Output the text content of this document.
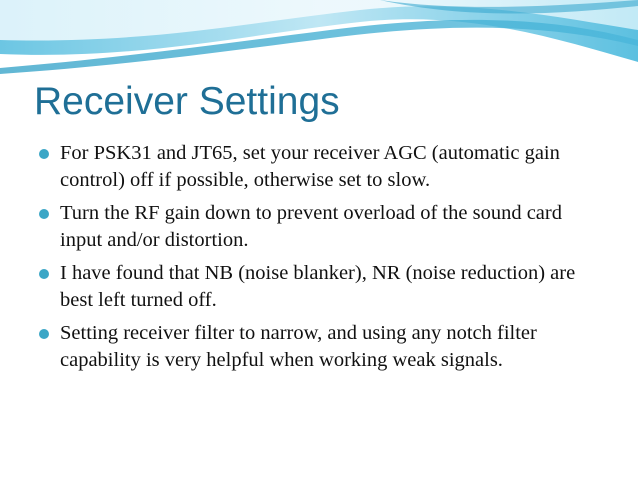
Receiver Settings
For PSK31 and JT65, set your receiver AGC (automatic gain control) off if possible, otherwise set to slow.
Turn the RF gain down to prevent overload of the sound card input and/or distortion.
I have found that NB (noise blanker), NR (noise reduction) are best left turned off.
Setting receiver filter to narrow, and using any notch filter capability is very helpful when working weak signals.
